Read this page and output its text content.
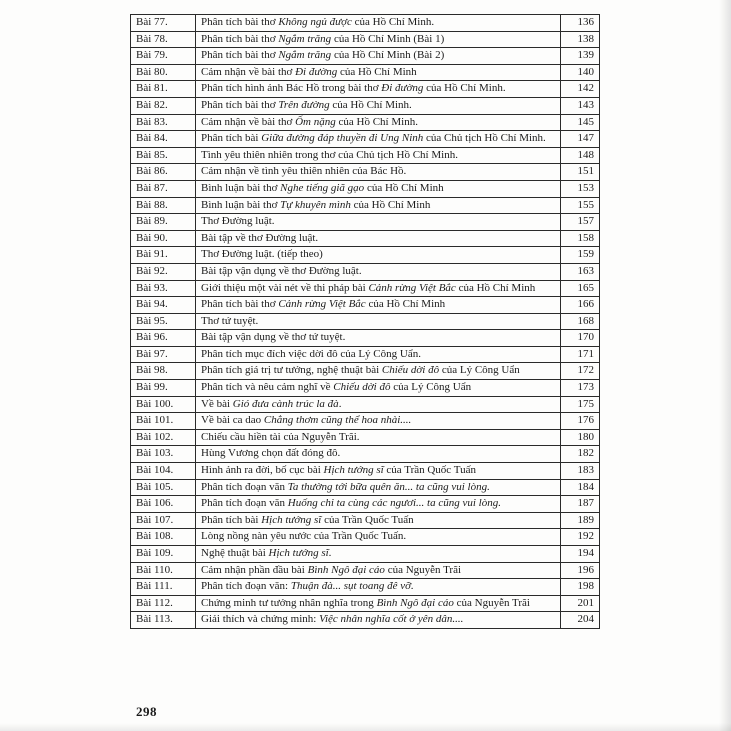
Bài 77.	Phân tích bài thơ Không ngủ được của Hồ Chí Minh.	136
Bài 78.	Phân tích bài thơ Ngắm trăng của Hồ Chí Minh (Bài 1)	138
Bài 79.	Phân tích bài thơ Ngắm trăng của Hồ Chí Minh (Bài 2)	139
Bài 80.	Cảm nhận về bài thơ Đi đường của Hồ Chí Minh	140
Bài 81.	Phân tích hình ảnh Bác Hồ trong bài thơ Đi đường của Hồ Chí Minh.	142
Bài 82.	Phân tích bài thơ Trên đường của Hồ Chí Minh.	143
Bài 83.	Cảm nhận về bài thơ Ốm nặng của Hồ Chí Minh.	145
Bài 84.	Phân tích bài Giữa đường đáp thuyền đi Ung Ninh của Chủ tịch Hồ Chí Minh.	147
Bài 85.	Tình yêu thiên nhiên trong thơ của Chủ tịch Hồ Chí Minh.	148
Bài 86.	Cảm nhận về tình yêu thiên nhiên của Bác Hồ.	151
Bài 87.	Bình luận bài thơ Nghe tiếng giã gạo của Hồ Chí Minh	153
Bài 88.	Bình luận bài thơ Tự khuyên mình của Hồ Chí Minh	155
Bài 89.	Thơ Đường luật.	157
Bài 90.	Bài tập về thơ Đường luật.	158
Bài 91.	Thơ Đường luật. (tiếp theo)	159
Bài 92.	Bài tập vận dụng về thơ Đường luật.	163
Bài 93.	Giới thiệu một vài nét về thi pháp bài Cảnh rừng Việt Bắc của Hồ Chí Minh	165
Bài 94.	Phân tích bài thơ Cảnh rừng Việt Bắc của Hồ Chí Minh	166
Bài 95.	Thơ tứ tuyệt.	168
Bài 96.	Bài tập vận dụng về thơ tứ tuyệt.	170
Bài 97.	Phân tích mục đích việc dời đô của Lý Công Uẩn.	171
Bài 98.	Phân tích giá trị tư tưởng, nghệ thuật bài Chiếu dời đô của Lý Công Uẩn	172
Bài 99.	Phân tích và nêu cảm nghĩ về Chiếu dời đô của Lý Công Uẩn	173
Bài 100.	Về bài Gió đưa cành trúc la đà.	175
Bài 101.	Về bài ca dao Chẳng thơm cũng thể hoa nhài....	176
Bài 102.	Chiếu cầu hiền tài của Nguyễn Trãi.	180
Bài 103.	Hùng Vương chọn đất đóng đô.	182
Bài 104.	Hình ảnh ra đời, bố cục bài Hịch tướng sĩ của Trần Quốc Tuấn	183
Bài 105.	Phân tích đoạn văn Ta thường tới bữa quên ăn... ta cũng vui lòng.	184
Bài 106.	Phân tích đoạn văn Huống chi ta cùng các ngươi... ta cũng vui lòng.	187
Bài 107.	Phân tích bài Hịch tướng sĩ của Trần Quốc Tuấn	189
Bài 108.	Lòng nồng nàn yêu nước của Trần Quốc Tuấn.	192
Bài 109.	Nghệ thuật bài Hịch tướng sĩ.	194
Bài 110.	Cảm nhận phần đầu bài Bình Ngô đại cáo của Nguyễn Trãi	196
Bài 111.	Phân tích đoạn văn: Thuận đà... sụt toang đê vỡ.	198
Bài 112.	Chứng minh tư tưởng nhân nghĩa trong Bình Ngô đại cáo của Nguyễn Trãi	201
Bài 113.	Giải thích và chứng minh: Việc nhân nghĩa cốt ở yên dân....	204
298
